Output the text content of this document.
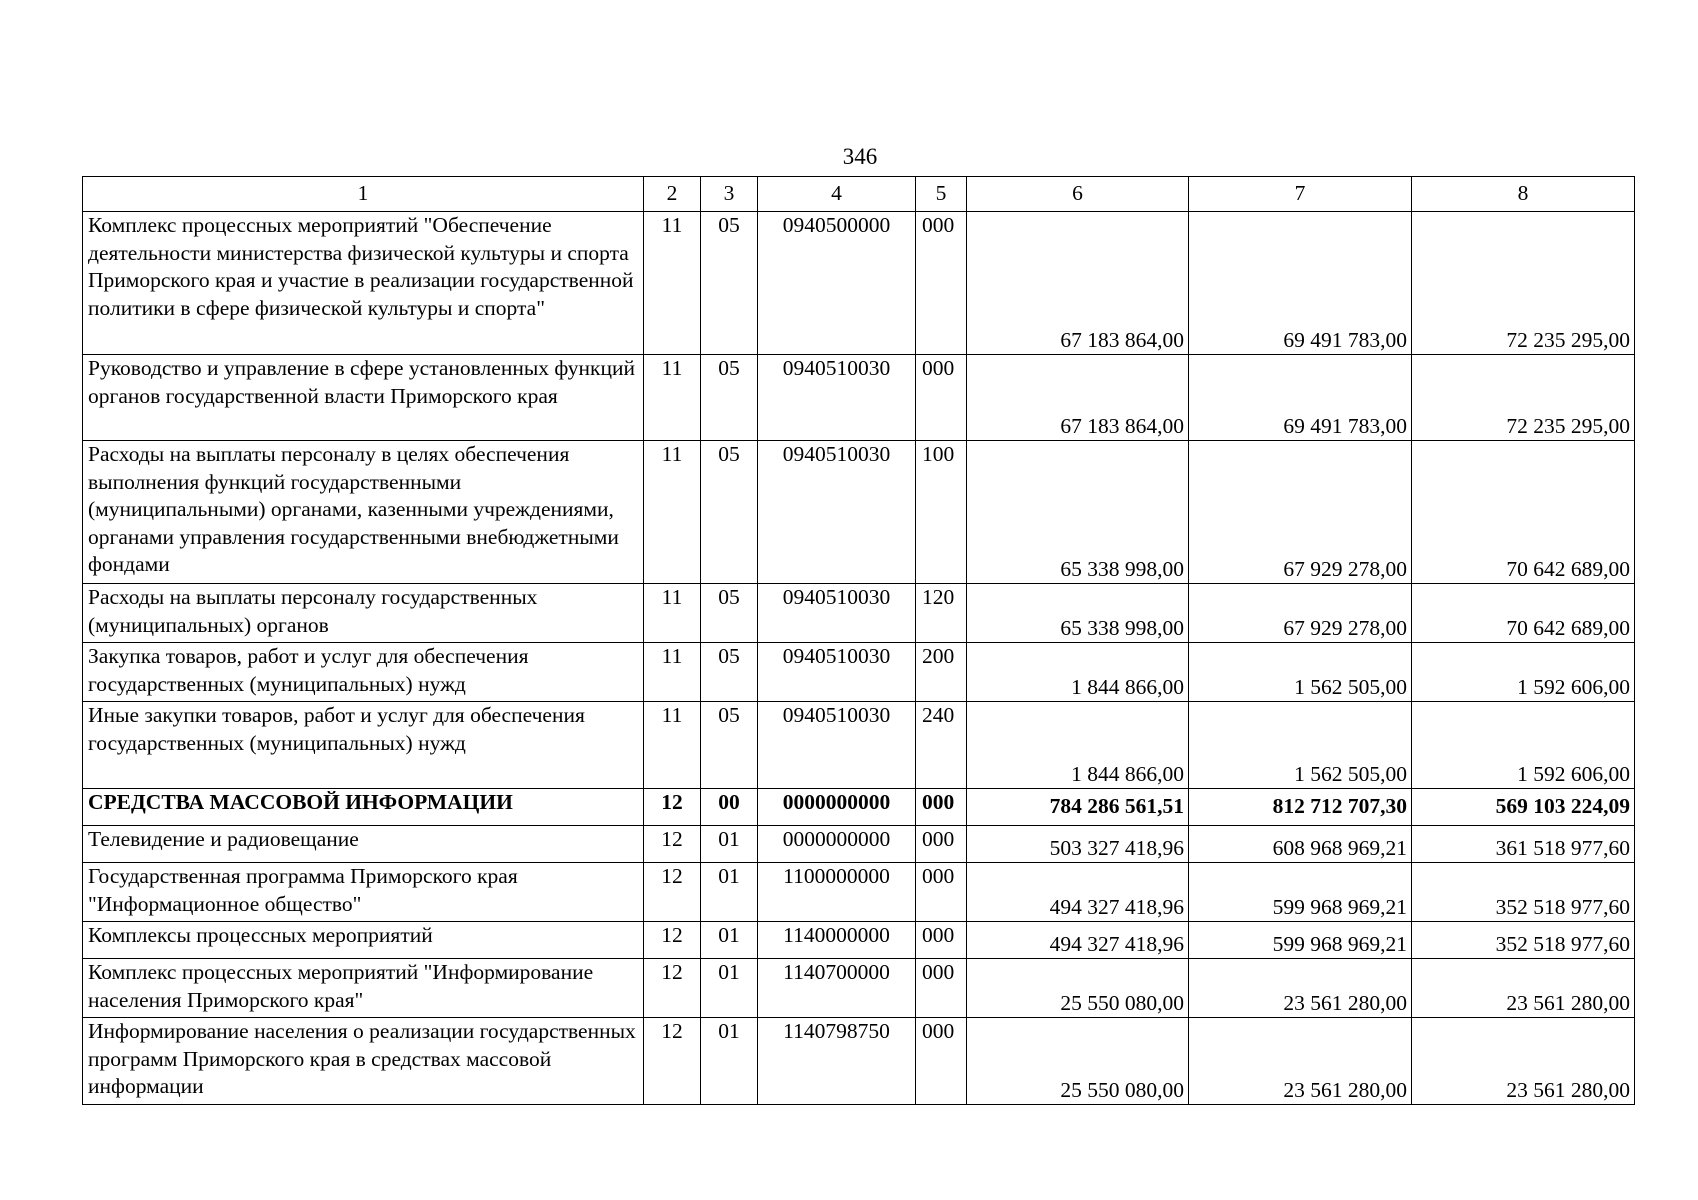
346
1	2	3	4	5	6	7	8
Комплекс процессных мероприятий "Обеспечение деятельности министерства физической культуры и спорта Приморского края и участие в реализации государственной политики в сфере физической культуры и спорта"	11	05	0940500000	000	67 183 864,00	69 491 783,00	72 235 295,00
Руководство и управление в сфере установленных функций органов государственной власти Приморского края	11	05	0940510030	000	67 183 864,00	69 491 783,00	72 235 295,00
Расходы на выплаты персоналу в целях обеспечения выполнения функций государственными (муниципальными) органами, казенными учреждениями, органами управления государственными внебюджетными фондами	11	05	0940510030	100	65 338 998,00	67 929 278,00	70 642 689,00
Расходы на выплаты персоналу государственных (муниципальных) органов	11	05	0940510030	120	65 338 998,00	67 929 278,00	70 642 689,00
Закупка товаров, работ и услуг для обеспечения государственных (муниципальных) нужд	11	05	0940510030	200	1 844 866,00	1 562 505,00	1 592 606,00
Иные закупки товаров, работ и услуг для обеспечения государственных (муниципальных) нужд	11	05	0940510030	240	1 844 866,00	1 562 505,00	1 592 606,00
СРЕДСТВА МАССОВОЙ ИНФОРМАЦИИ	12	00	0000000000	000	784 286 561,51	812 712 707,30	569 103 224,09
Телевидение и радиовещание	12	01	0000000000	000	503 327 418,96	608 968 969,21	361 518 977,60
Государственная программа Приморского края "Информационное общество"	12	01	1100000000	000	494 327 418,96	599 968 969,21	352 518 977,60
Комплексы процессных мероприятий	12	01	1140000000	000	494 327 418,96	599 968 969,21	352 518 977,60
Комплекс процессных мероприятий "Информирование населения Приморского края"	12	01	1140700000	000	25 550 080,00	23 561 280,00	23 561 280,00
Информирование населения о реализации государственных программ Приморского края в средствах массовой информации	12	01	1140798750	000	25 550 080,00	23 561 280,00	23 561 280,00
